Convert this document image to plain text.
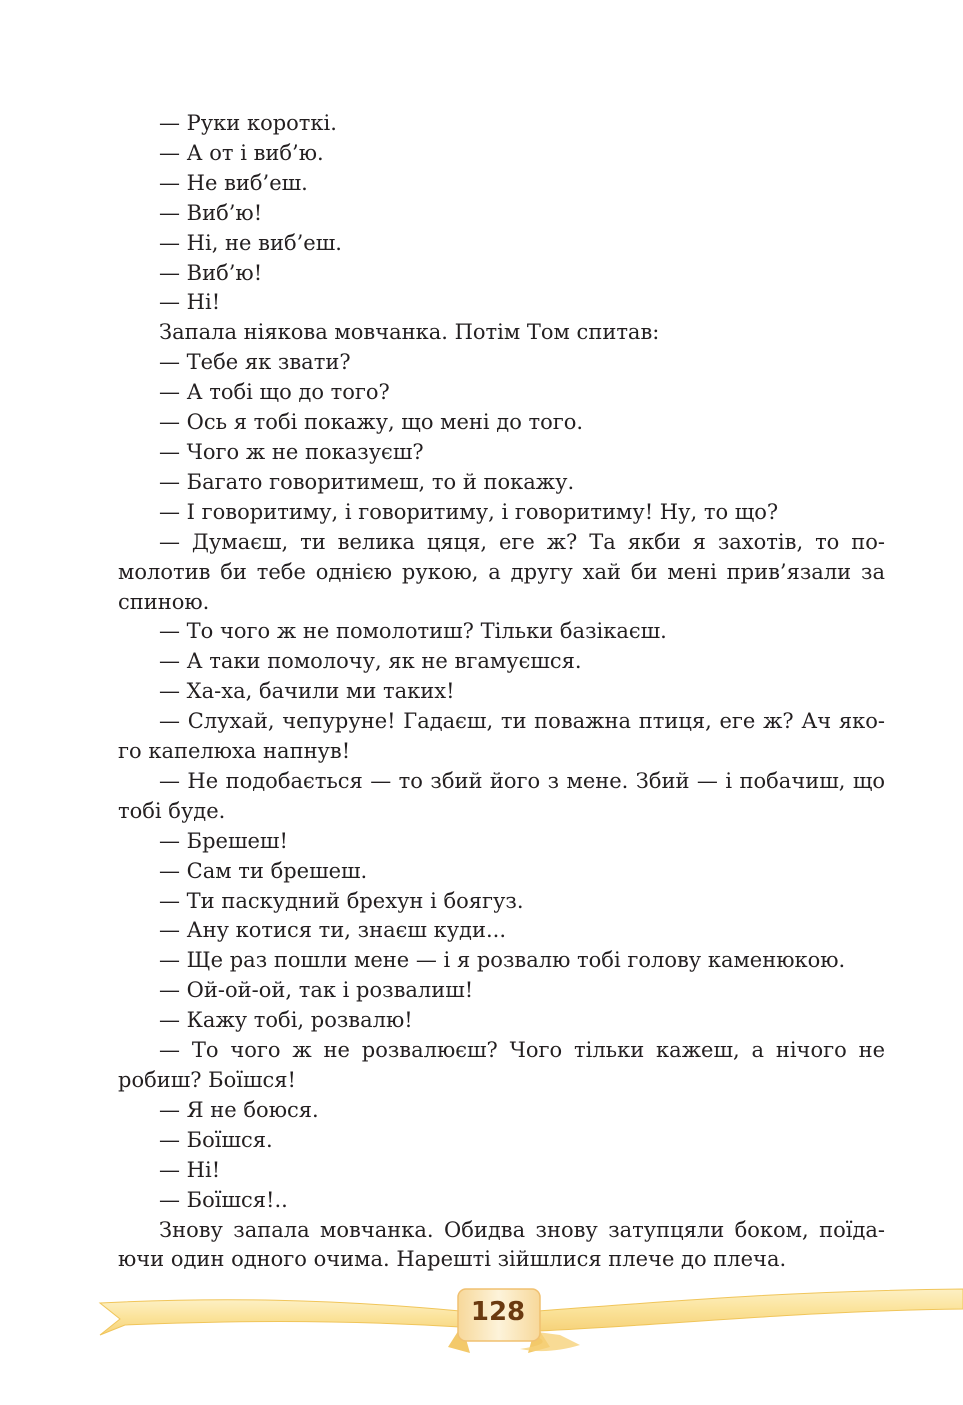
— Руки короткі.
— А от і виб’ю.
— Не виб’еш.
— Виб’ю!
— Ні, не виб’еш.
— Виб’ю!
— Ні!
Запала ніякова мовчанка. Потім Том спитав:
— Тебе як звати?
— А тобі що до того?
— Ось я тобі покажу, що мені до того.
— Чого ж не показуєш?
— Багато говоритимеш, то й покажу.
— І говоритиму, і говоритиму, і говоритиму! Ну, то що?
— Думаєш, ти велика цяця, еге ж? Та якби я захотів, то по-
молотив би тебе однією рукою, а другу хай би мені прив’язали за
спиною.
— То чого ж не помолотиш? Тільки базікаєш.
— А таки помолочу, як не вгамуєшся.
— Ха-ха, бачили ми таких!
— Слухай, чепуруне! Гадаєш, ти поважна птиця, еге ж? Ач яко-
го капелюха напнув!
— Не подобається — то збий його з мене. Збий — і побачиш, що
тобі буде.
— Брешеш!
— Сам ти брешеш.
— Ти паскудний брехун і боягуз.
— Ану котися ти, знаєш куди...
— Ще раз пошли мене — і я розвалю тобі голову каменюкою.
— Ой-ой-ой, так і розвалиш!
— Кажу тобі, розвалю!
— То чого ж не розвалюєш? Чого тільки кажеш, а нічого не
робиш? Боїшся!
— Я не боюся.
— Боїшся.
— Ні!
— Боїшся!..
Знову запала мовчанка. Обидва знову затупцяли боком, поїда-
ючи один одного очима. Нарешті зійшлися плече до плеча.
128
